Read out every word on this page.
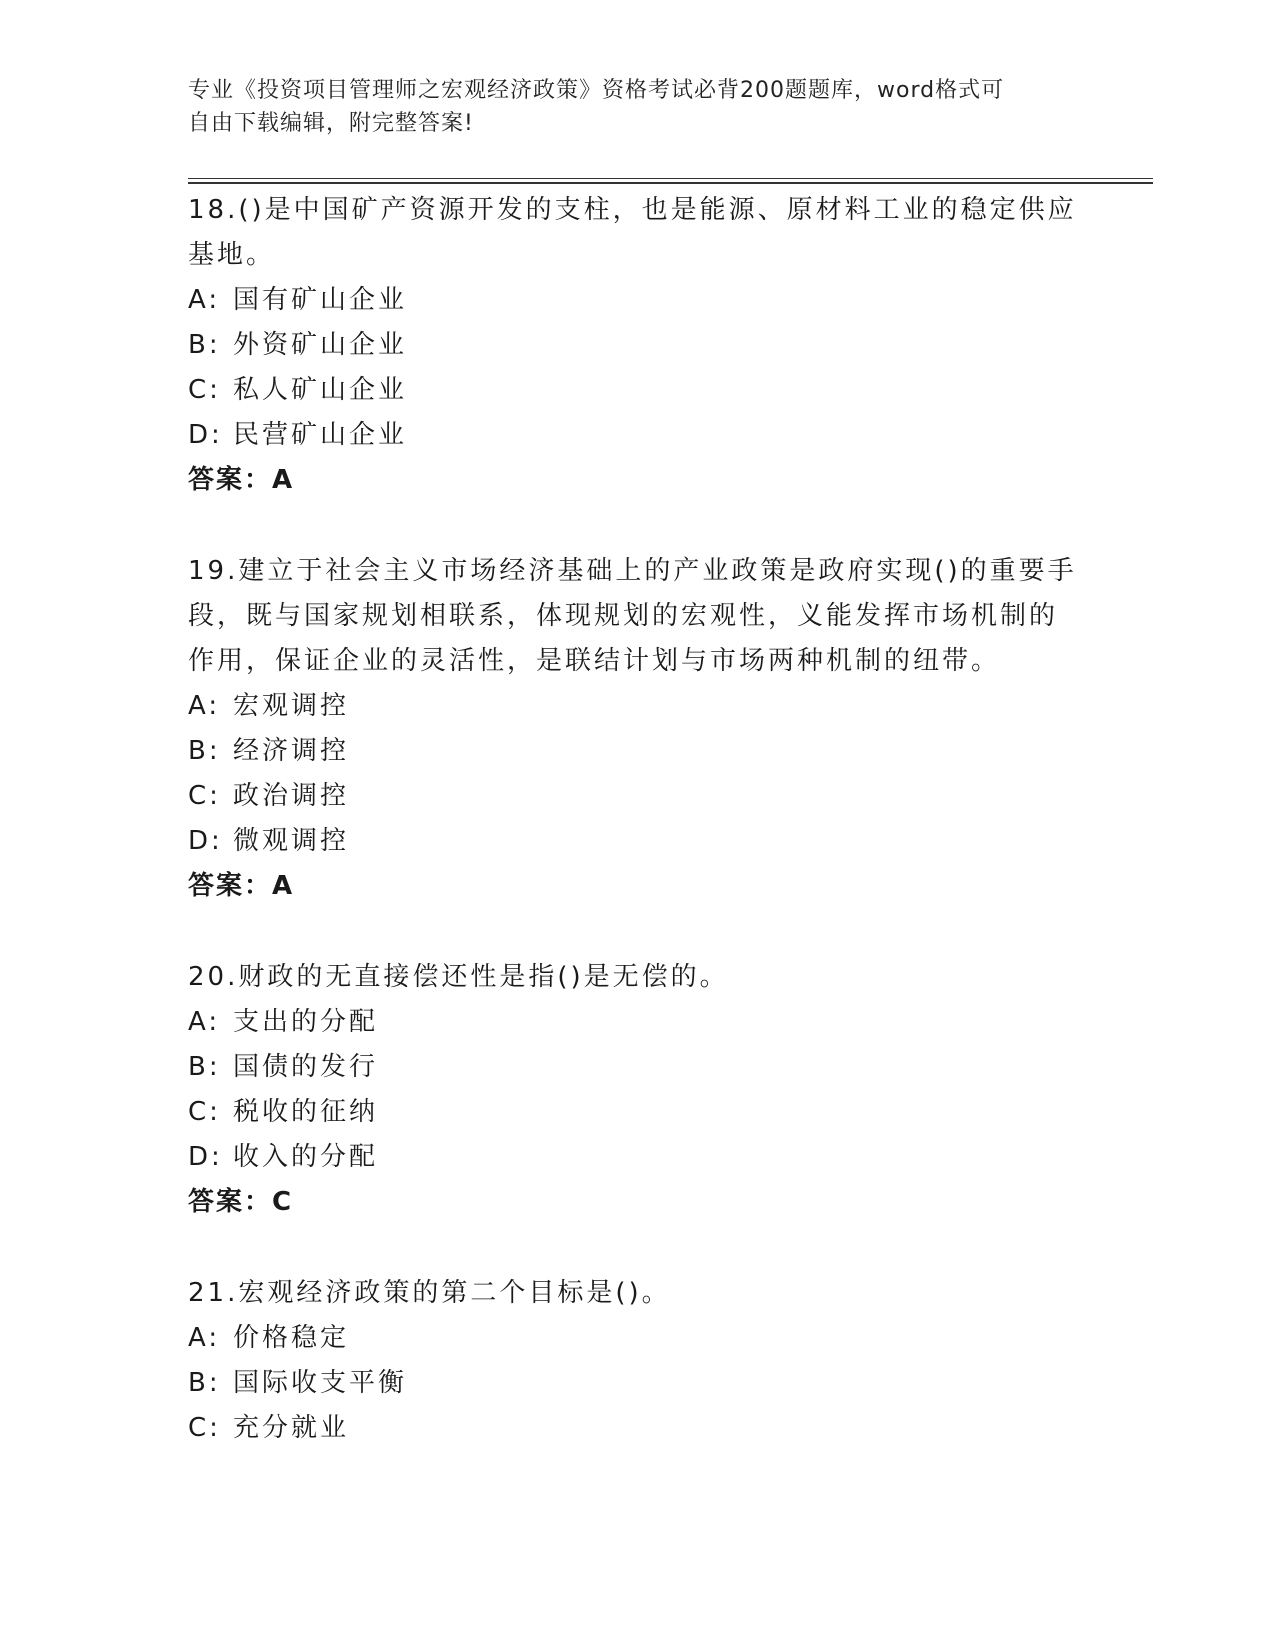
专业《投资项目管理师之宏观经济政策》资格考试必背200题题库，word格式可
自由下载编辑，附完整答案!
18.()是中国矿产资源开发的支柱，也是能源、原材料工业的稳定供应
基地。
A: 国有矿山企业
B: 外资矿山企业
C: 私人矿山企业
D: 民营矿山企业
答案：A
19.建立于社会主义市场经济基础上的产业政策是政府实现()的重要手
段，既与国家规划相联系，体现规划的宏观性，义能发挥市场机制的
作用，保证企业的灵活性，是联结计划与市场两种机制的纽带。
A: 宏观调控
B: 经济调控
C: 政治调控
D: 微观调控
答案：A
20.财政的无直接偿还性是指()是无偿的。
A: 支出的分配
B: 国债的发行
C: 税收的征纳
D: 收入的分配
答案：C
21.宏观经济政策的第二个目标是()。
A: 价格稳定
B: 国际收支平衡
C: 充分就业
